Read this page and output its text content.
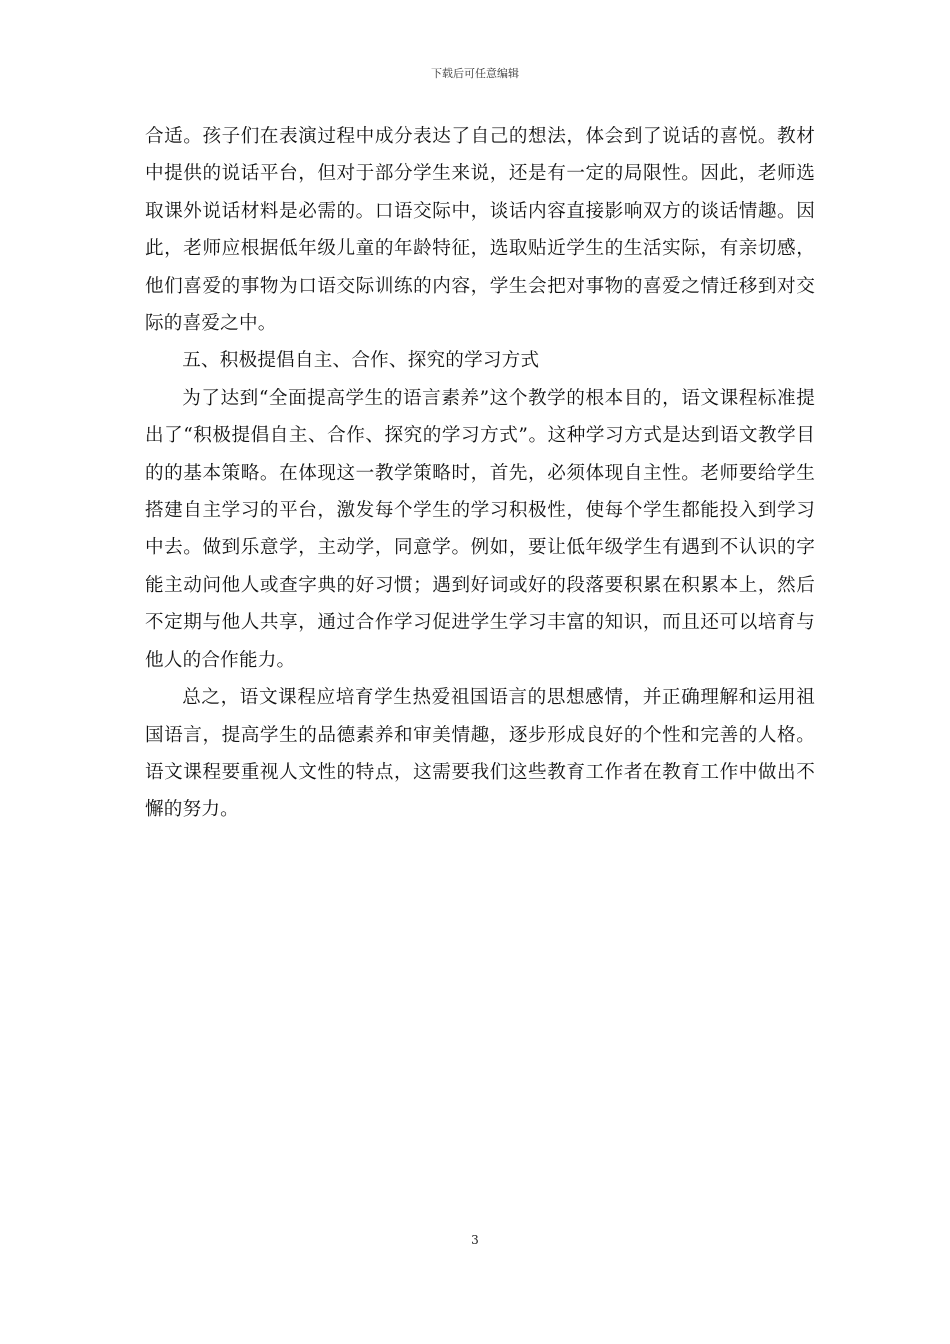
下载后可任意编辑

合适。孩子们在表演过程中成分表达了自己的想法，体会到了说话的喜悦。教材中提供的说话平台，但对于部分学生来说，还是有一定的局限性。因此，老师选取课外说话材料是必需的。口语交际中，谈话内容直接影响双方的谈话情趣。因此，老师应根据低年级儿童的年龄特征，选取贴近学生的生活实际，有亲切感，他们喜爱的事物为口语交际训练的内容，学生会把对事物的喜爱之情迁移到对交际的喜爱之中。

五、积极提倡自主、合作、探究的学习方式

为了达到“全面提高学生的语言素养”这个教学的根本目的，语文课程标准提出了“积极提倡自主、合作、探究的学习方式”。这种学习方式是达到语文教学目的的基本策略。在体现这一教学策略时，首先，必须体现自主性。老师要给学生搭建自主学习的平台，激发每个学生的学习积极性，使每个学生都能投入到学习中去。做到乐意学，主动学，同意学。例如，要让低年级学生有遇到不认识的字能主动问他人或查字典的好习惯；遇到好词或好的段落要积累在积累本上，然后不定期与他人共享，通过合作学习促进学生学习丰富的知识，而且还可以培育与他人的合作能力。

总之，语文课程应培育学生热爱祖国语言的思想感情，并正确理解和运用祖国语言，提高学生的品德素养和审美情趣，逐步形成良好的个性和完善的人格。语文课程要重视人文性的特点，这需要我们这些教育工作者在教育工作中做出不懈的努力。

3
